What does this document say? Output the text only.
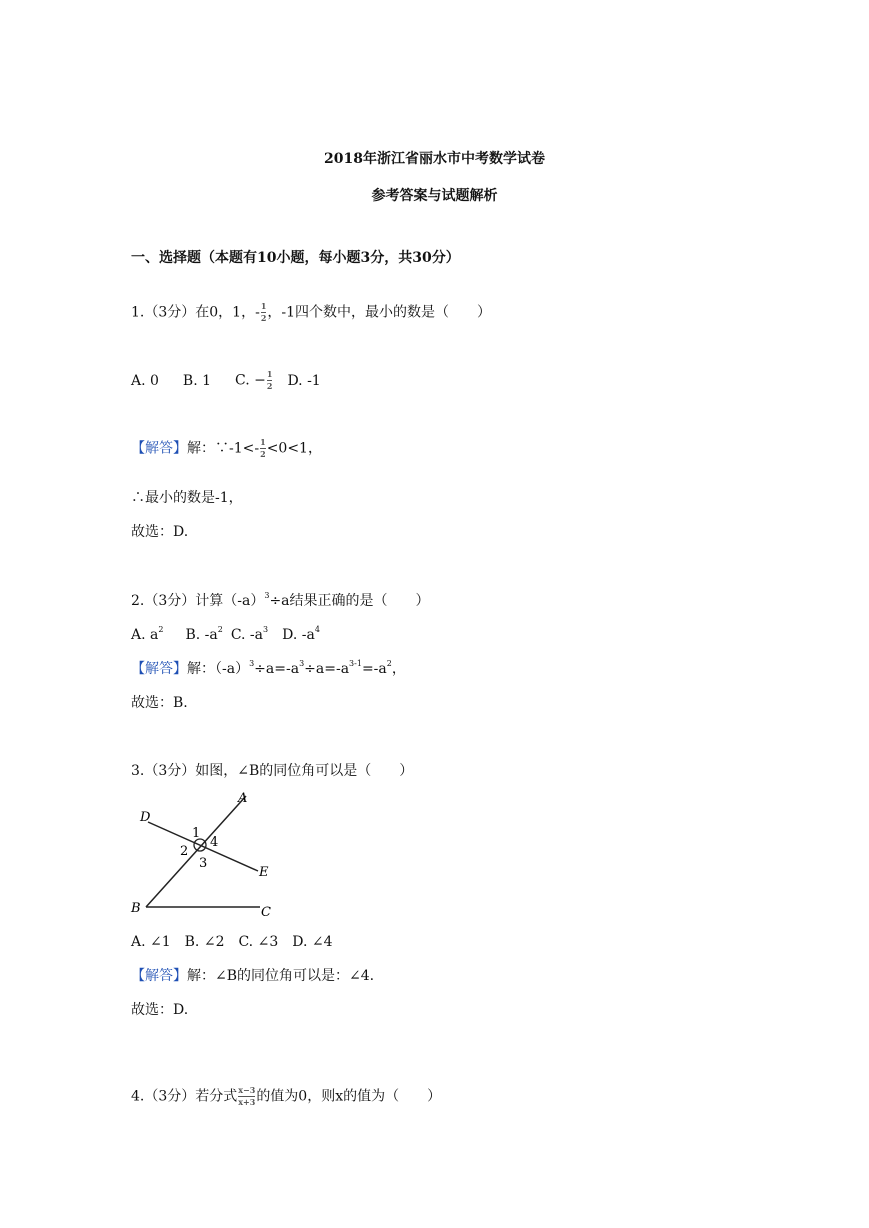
2018年浙江省丽水市中考数学试卷
参考答案与试题解析
一、选择题（本题有10小题，每小题3分，共30分）
1.（3分）在0，1，- $\frac{1}{2}$ ，-1四个数中，最小的数是（　　）
A. 0 B. 1 C. − $\frac{1}{2} D$. -1
【解答】解：∵-1<- $\frac{1}{2} <0<1$，
∴最小的数是-1，
故选：D.
2.（3分）计算$(-a)^3\div a$结果正确的是（　　）
A. $a^2$ B. $-a^2$ C. $-a^3$ D. $-a^4$
【解答】解：$(-a)^3\div a=-a^3\div a=-a^{3-1}=-a^2$，
故选：B.
3.（3分）如图，∠B的同位角可以是（　　）
A
B	C
D
E
1
2
3
4
A. ∠1　B. ∠2　C. ∠3　D. ∠4
【解答】解：∠B的同位角可以是：∠4.
故选：D.
4.（3分）若分式 $\frac{x-3}{x+3}$ 的值为0，则x的值为（　　）
